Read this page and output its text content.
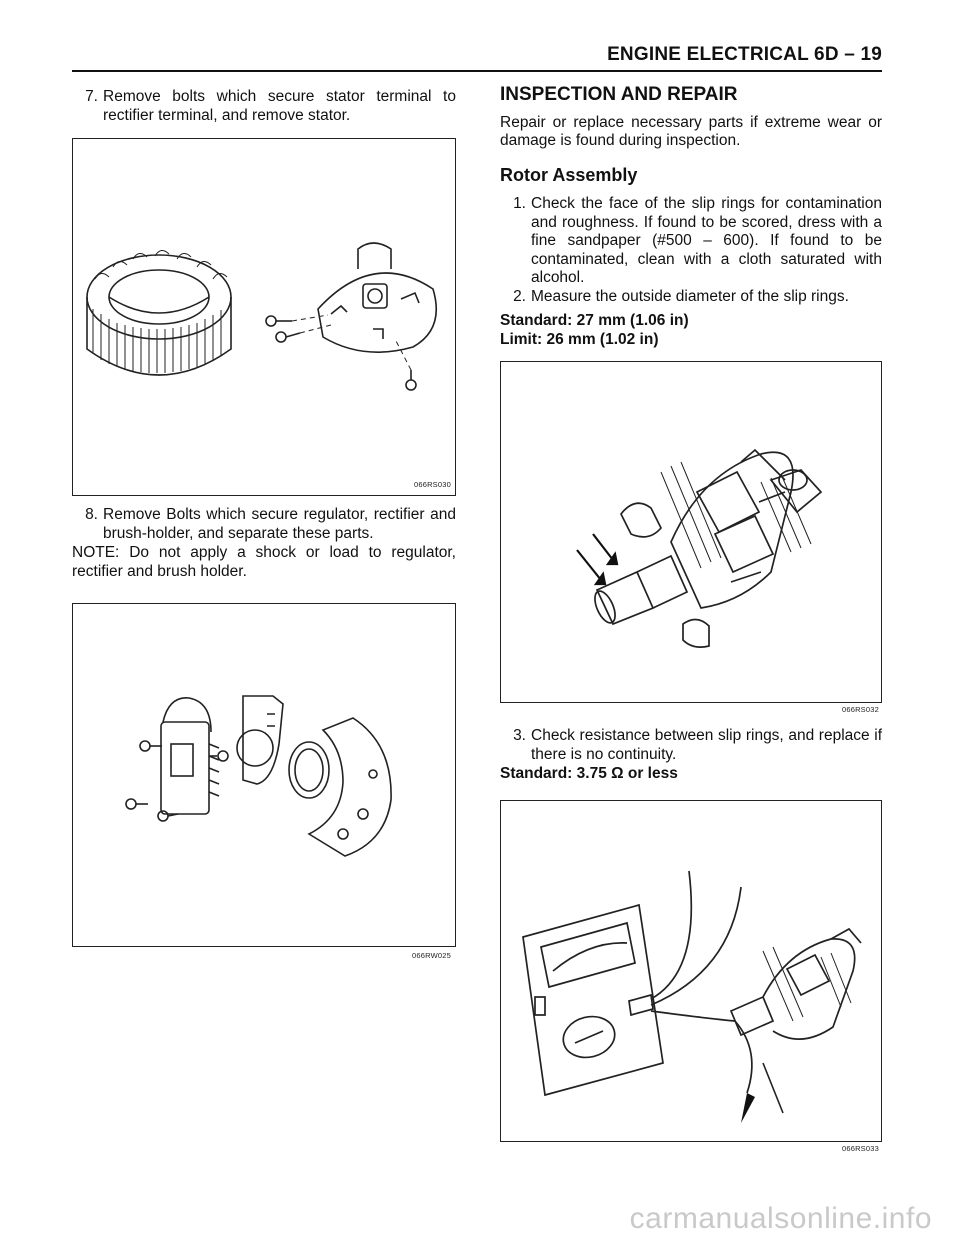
ENGINE ELECTRICAL 6D – 19
7. Remove bolts which secure stator terminal to rectifier terminal, and remove stator.
066RS030
8. Remove Bolts which secure regulator, rectifier and brush-holder, and separate these parts.

NOTE: Do not apply a shock or load to regulator, rectifier and brush holder.

066RW025
INSPECTION AND REPAIR

Repair or replace necessary parts if extreme wear or damage is found during inspection.

Rotor Assembly
1. Check the face of the slip rings for contamination and roughness. If found to be scored, dress with a fine sandpaper (#500 – 600). If found to be contaminated, clean with a cloth saturated with alcohol.
2. Measure the outside diameter of the slip rings.
Standard: 27 mm (1.06 in)
Limit: 26 mm (1.02 in)
066RS032
3. Check resistance between slip rings, and replace if there is no continuity.
Standard: 3.75 Ω or less
066RS033
carmanualsonline.info
